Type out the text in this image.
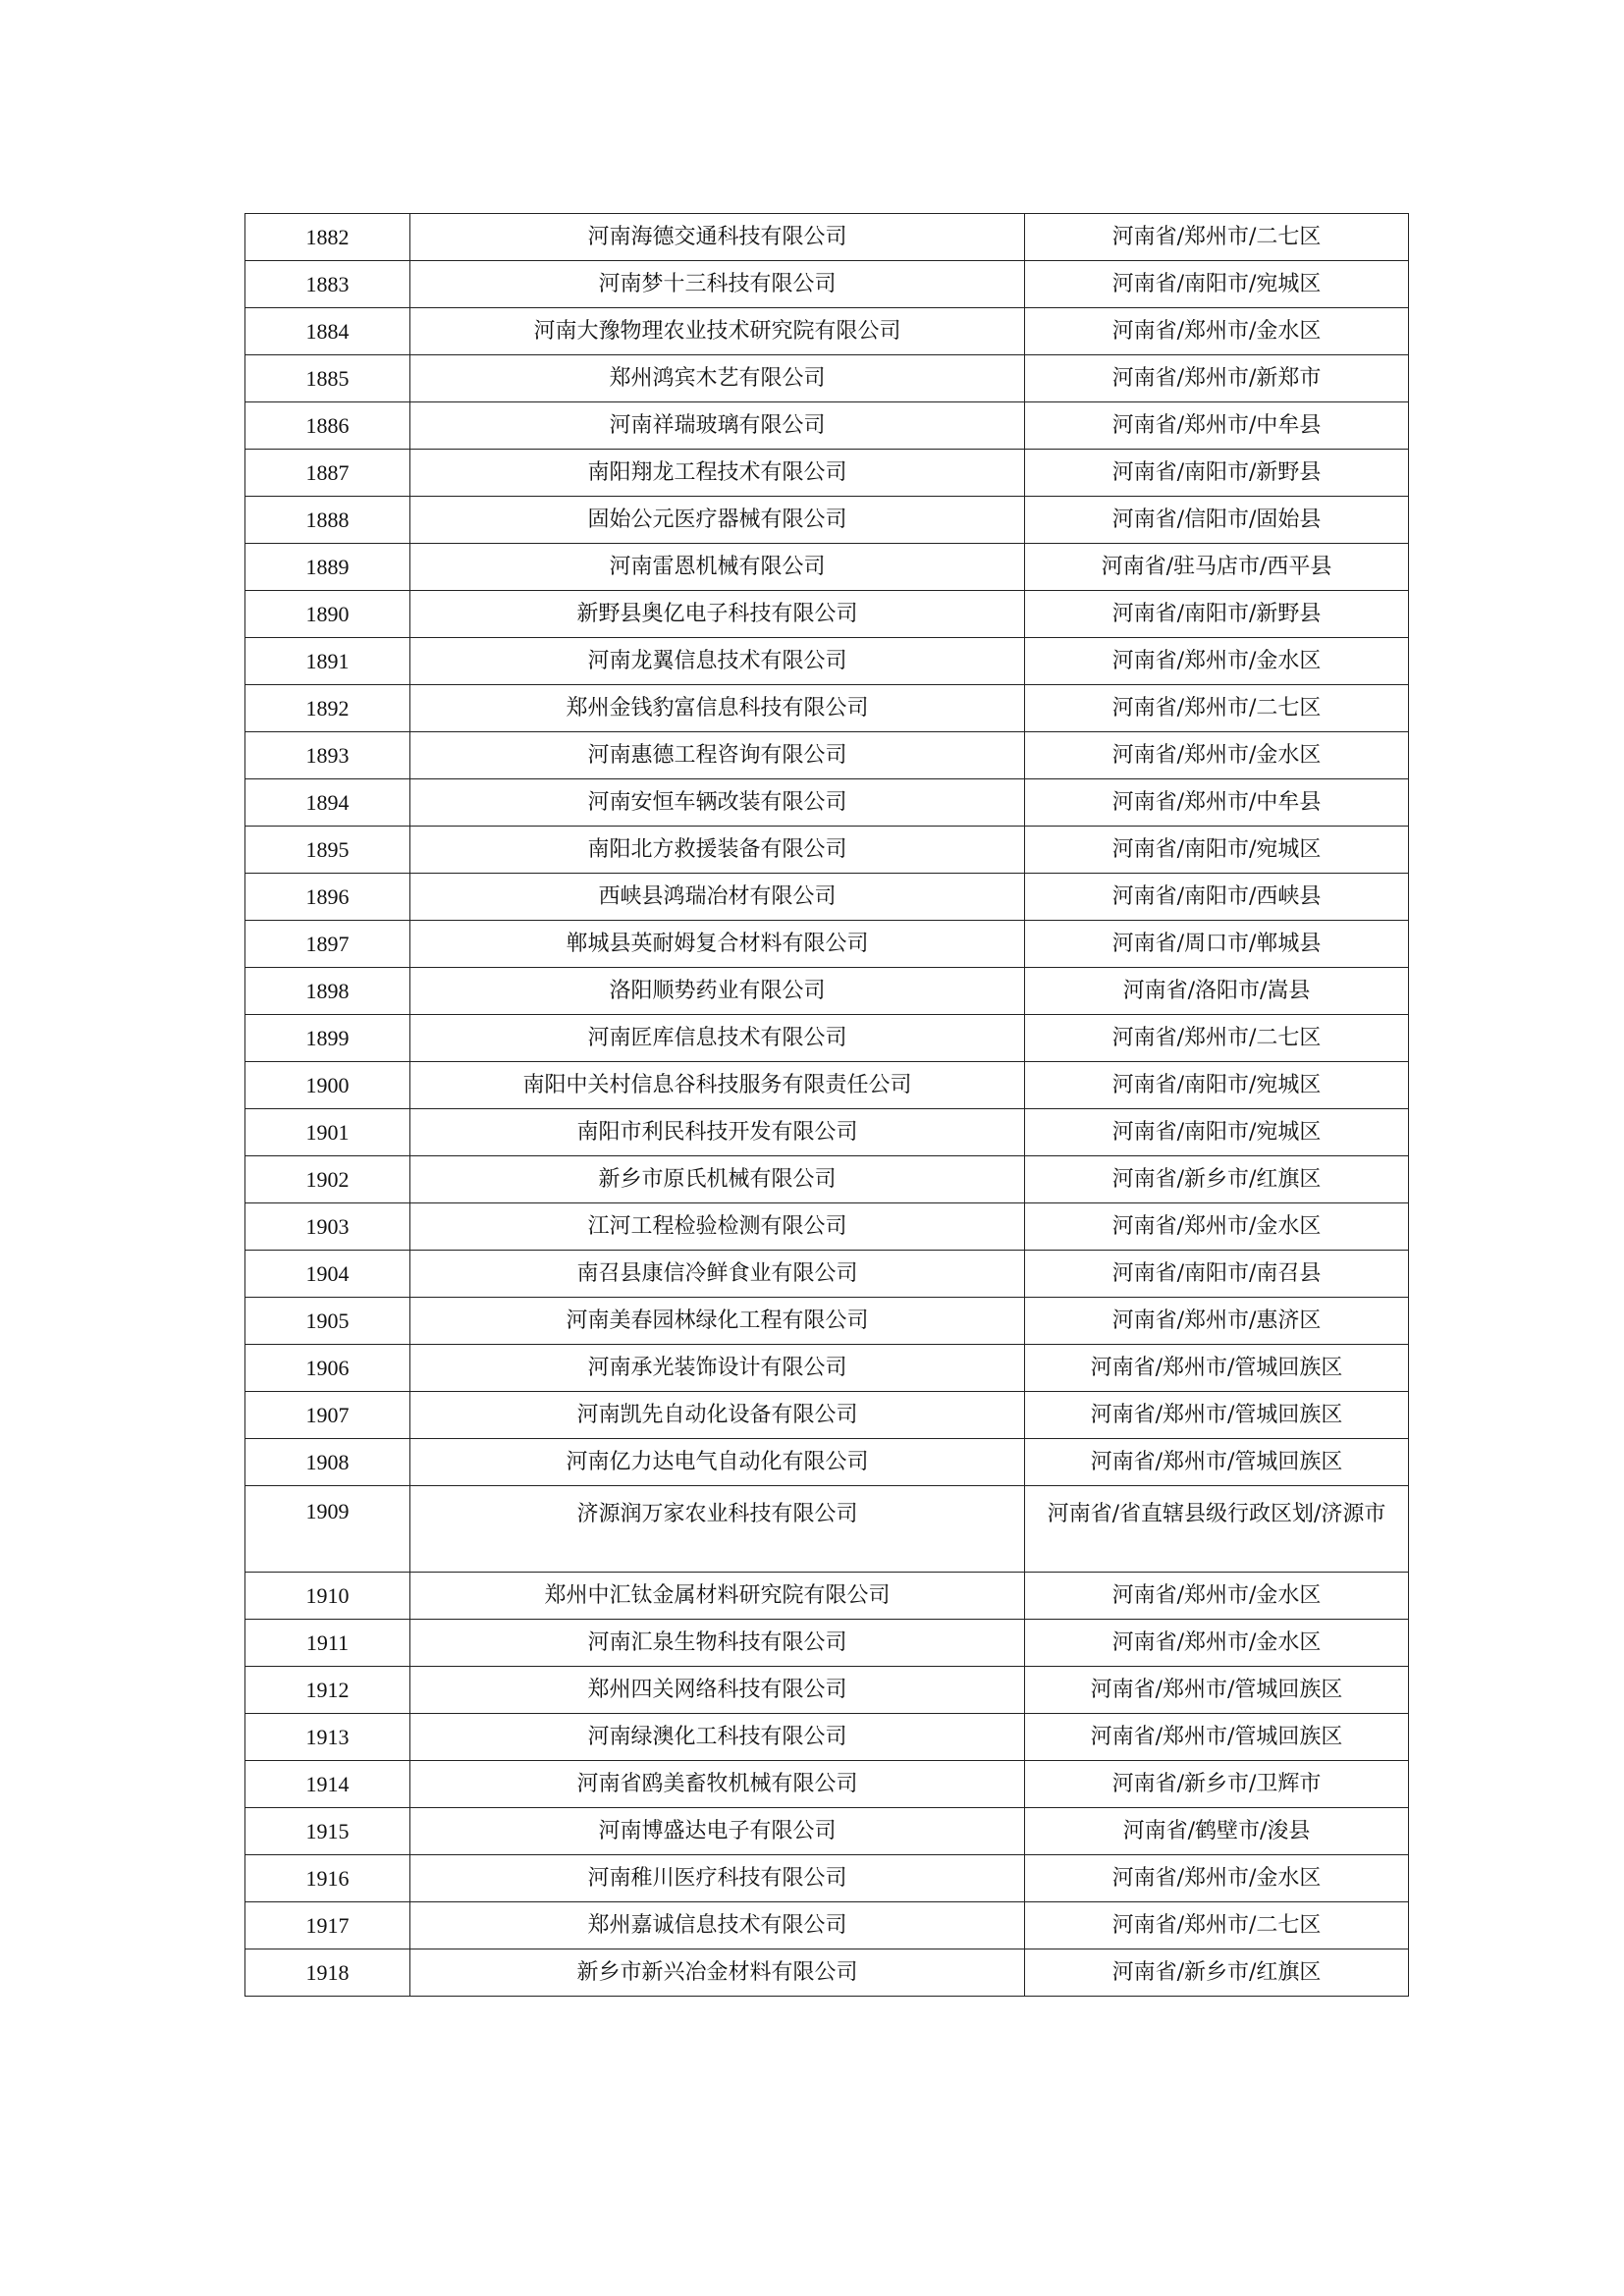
1882	河南海德交通科技有限公司	河南省/郑州市/二七区
1883	河南梦十三科技有限公司	河南省/南阳市/宛城区
1884	河南大豫物理农业技术研究院有限公司	河南省/郑州市/金水区
1885	郑州鸿宾木艺有限公司	河南省/郑州市/新郑市
1886	河南祥瑞玻璃有限公司	河南省/郑州市/中牟县
1887	南阳翔龙工程技术有限公司	河南省/南阳市/新野县
1888	固始公元医疗器械有限公司	河南省/信阳市/固始县
1889	河南雷恩机械有限公司	河南省/驻马店市/西平县
1890	新野县奥亿电子科技有限公司	河南省/南阳市/新野县
1891	河南龙翼信息技术有限公司	河南省/郑州市/金水区
1892	郑州金钱豹富信息科技有限公司	河南省/郑州市/二七区
1893	河南惠德工程咨询有限公司	河南省/郑州市/金水区
1894	河南安恒车辆改装有限公司	河南省/郑州市/中牟县
1895	南阳北方救援装备有限公司	河南省/南阳市/宛城区
1896	西峡县鸿瑞冶材有限公司	河南省/南阳市/西峡县
1897	郸城县英耐姆复合材料有限公司	河南省/周口市/郸城县
1898	洛阳顺势药业有限公司	河南省/洛阳市/嵩县
1899	河南匠库信息技术有限公司	河南省/郑州市/二七区
1900	南阳中关村信息谷科技服务有限责任公司	河南省/南阳市/宛城区
1901	南阳市利民科技开发有限公司	河南省/南阳市/宛城区
1902	新乡市原氏机械有限公司	河南省/新乡市/红旗区
1903	江河工程检验检测有限公司	河南省/郑州市/金水区
1904	南召县康信冷鲜食业有限公司	河南省/南阳市/南召县
1905	河南美春园林绿化工程有限公司	河南省/郑州市/惠济区
1906	河南承光装饰设计有限公司	河南省/郑州市/管城回族区
1907	河南凯先自动化设备有限公司	河南省/郑州市/管城回族区
1908	河南亿力达电气自动化有限公司	河南省/郑州市/管城回族区
1909	济源润万家农业科技有限公司	河南省/省直辖县级行政区划/济源市
1910	郑州中汇钛金属材料研究院有限公司	河南省/郑州市/金水区
1911	河南汇泉生物科技有限公司	河南省/郑州市/金水区
1912	郑州四关网络科技有限公司	河南省/郑州市/管城回族区
1913	河南绿澳化工科技有限公司	河南省/郑州市/管城回族区
1914	河南省鸥美畜牧机械有限公司	河南省/新乡市/卫辉市
1915	河南博盛达电子有限公司	河南省/鹤壁市/浚县
1916	河南稚川医疗科技有限公司	河南省/郑州市/金水区
1917	郑州嘉诚信息技术有限公司	河南省/郑州市/二七区
1918	新乡市新兴冶金材料有限公司	河南省/新乡市/红旗区
